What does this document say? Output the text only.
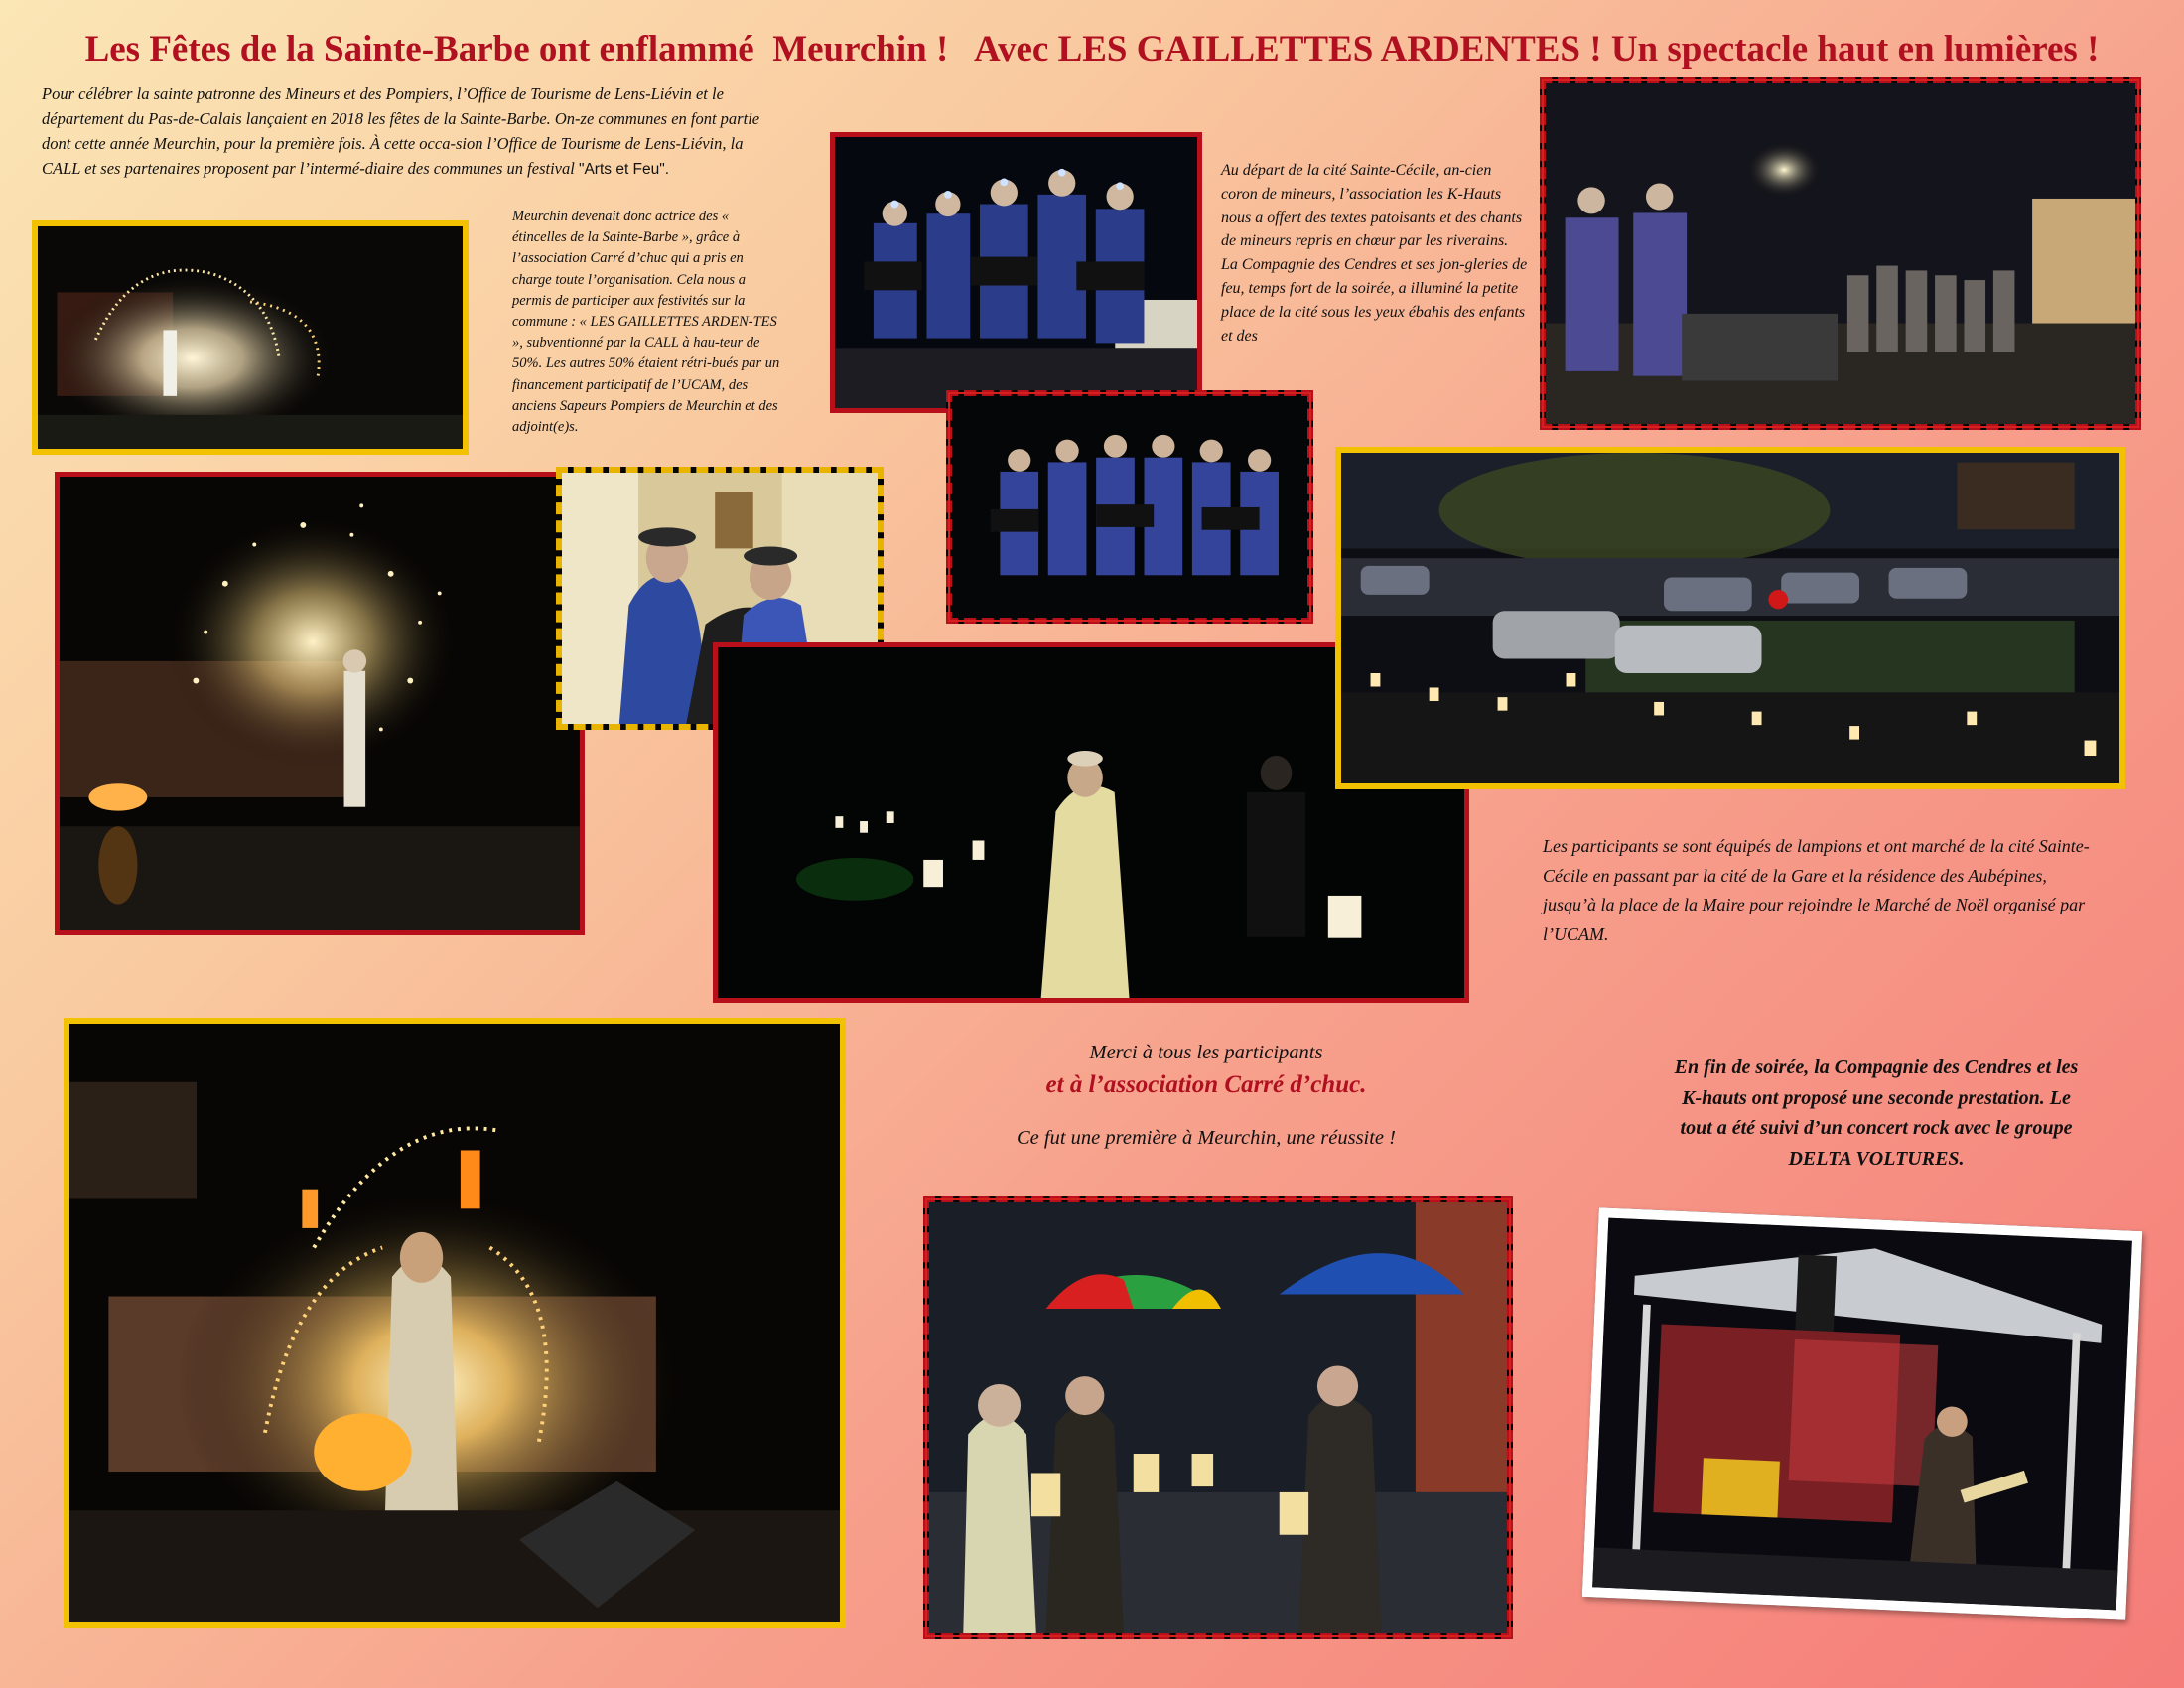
Les Fêtes de la Sainte-Barbe ont enflammé  Meurchin !   Avec LES GAILLETTES ARDENTES ! Un spectacle haut en lumières !
Pour célébrer la sainte patronne des Mineurs et des Pompiers, l’Office de Tourisme de Lens-Liévin et le département du Pas-de-Calais lançaient en 2018 les fêtes de la Sainte-Barbe. On-ze communes en font partie dont cette année Meurchin, pour la première fois. À cette occa-sion l’Office de Tourisme de Lens-Liévin, la CALL et ses partenaires proposent par l’intermé-diaire des communes un festival "Arts et Feu".
Meurchin devenait donc actrice des « étincelles de la Sainte-Barbe », grâce à l’association Carré d’chuc qui a pris en charge toute l’organisation. Cela nous a permis de participer aux festivités sur la commune : « LES GAILLETTES ARDEN-TES », subventionné par la CALL à hau-teur de 50%. Les autres 50% étaient rétri-bués par un financement participatif de l’UCAM, des anciens Sapeurs Pompiers de Meurchin et des adjoint(e)s.

Au départ de la cité Sainte-Cécile, an-cien coron de mineurs, l’association les K-Hauts nous a offert des textes patoisants et des chants de mineurs repris en chœur par les riverains.

La Compagnie des Cendres et ses jon-gleries de feu, temps fort de la soirée, a illuminé la petite place de la cité sous les yeux ébahis des enfants et des

Les participants se sont équipés de lampions et ont marché de la cité Sainte-Cécile en passant par la cité de la Gare et la résidence des Aubépines, jusqu’à la place de la Maire pour rejoindre le Marché de Noël organisé par l’UCAM.

Merci à tous les participants

et à l’association Carré d’chuc.

Ce fut une première à Meurchin, une réussite !

En fin de soirée, la Compagnie des Cendres et les

K-hauts ont proposé une seconde prestation. Le

tout a été suivi d’un concert rock avec le groupe

DELTA VOLTURES.
